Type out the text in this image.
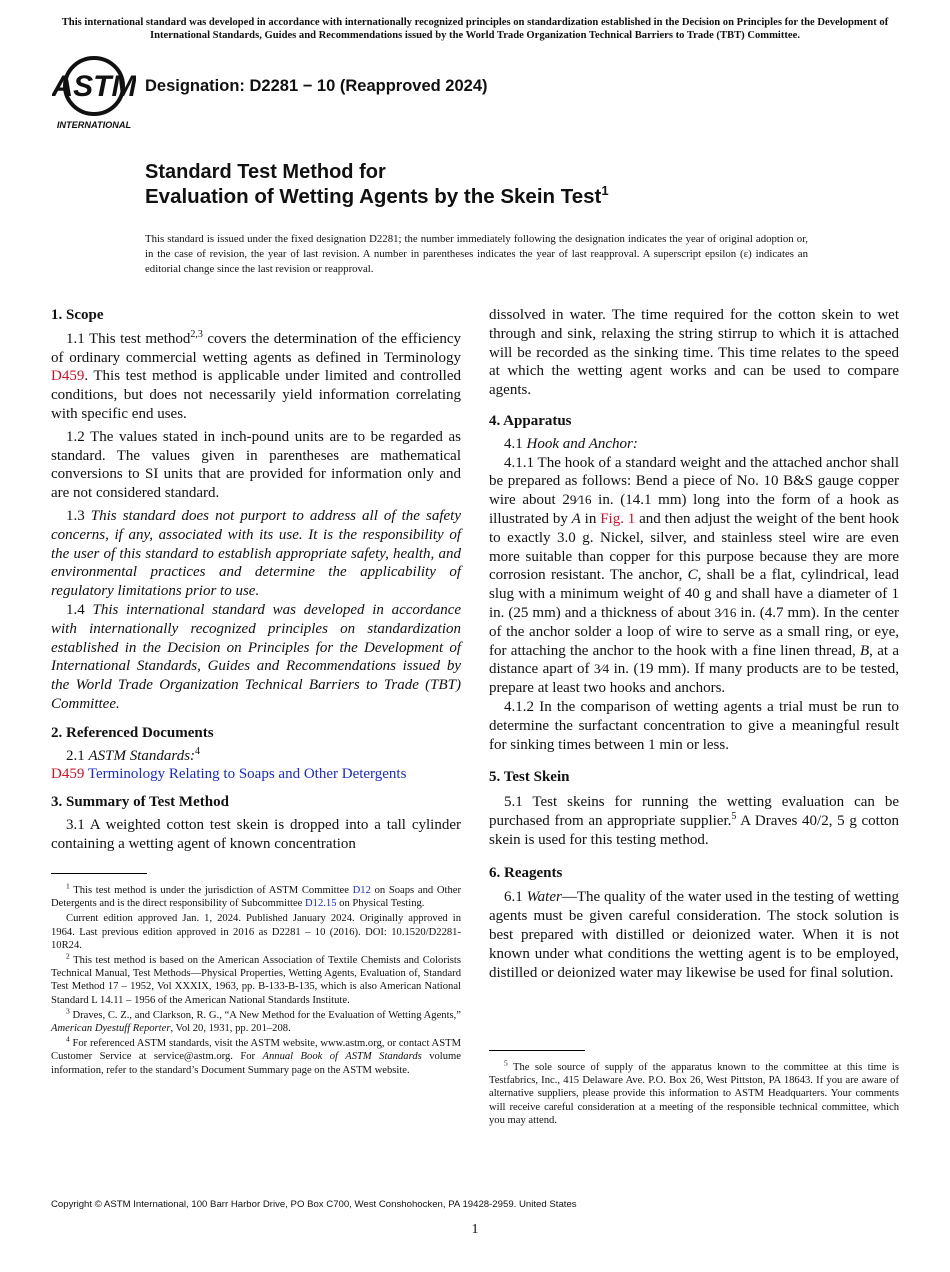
This international standard was developed in accordance with internationally recognized principles on standardization established in the Decision on Principles for the Development of International Standards, Guides and Recommendations issued by the World Trade Organization Technical Barriers to Trade (TBT) Committee.
ASTM
INTERNATIONAL
Designation: D2281 − 10 (Reapproved 2024)
Standard Test Method for
Evaluation of Wetting Agents by the Skein Test$^1$
This standard is issued under the fixed designation D2281; the number immediately following the designation indicates the year of original adoption or, in the case of revision, the year of last revision. A number in parentheses indicates the year of last reapproval. A superscript epsilon (ε) indicates an editorial change since the last revision or reapproval.
1. Scope

1.1 This test method$^{2,3}$ covers the determination of the efficiency of ordinary commercial wetting agents as defined in Terminology D459. This test method is applicable under limited and controlled conditions, but does not necessarily yield information correlating with specific end uses.

1.2 The values stated in inch-pound units are to be regarded as standard. The values given in parentheses are mathematical conversions to SI units that are provided for information only and are not considered standard.

1.3 This standard does not purport to address all of the safety concerns, if any, associated with its use. It is the responsibility of the user of this standard to establish appropriate safety, health, and environmental practices and determine the applicability of regulatory limitations prior to use.

1.4 This international standard was developed in accordance with internationally recognized principles on standardization established in the Decision on Principles for the Development of International Standards, Guides and Recommendations issued by the World Trade Organization Technical Barriers to Trade (TBT) Committee.

2. Referenced Documents

2.1 ASTM Standards:$^4$

D459 Terminology Relating to Soaps and Other Detergents

3. Summary of Test Method

3.1 A weighted cotton test skein is dropped into a tall cylinder containing a wetting agent of known concentration

$^1$ This test method is under the jurisdiction of ASTM Committee D12 on Soaps and Other Detergents and is the direct responsibility of Subcommittee D12.15 on Physical Testing.

Current edition approved Jan. 1, 2024. Published January 2024. Originally approved in 1964. Last previous edition approved in 2016 as D2281 – 10 (2016). DOI: 10.1520/D2281-10R24.

$^2$ This test method is based on the American Association of Textile Chemists and Colorists Technical Manual, Test Methods—Physical Properties, Wetting Agents, Evaluation of, Standard Test Method 17 – 1952, Vol XXXIX, 1963, pp. B-133-B-135, which is also American National Standard L 14.11 – 1956 of the American National Standards Institute.

$^3$ Draves, C. Z., and Clarkson, R. G., “A New Method for the Evaluation of Wetting Agents,” American Dyestuff Reporter, Vol 20, 1931, pp. 201–208.

$^4$ For referenced ASTM standards, visit the ASTM website, www.astm.org, or contact ASTM Customer Service at service@astm.org. For Annual Book of ASTM Standards volume information, refer to the standard’s Document Summary page on the ASTM website.

dissolved in water. The time required for the cotton skein to wet through and sink, relaxing the string stirrup to which it is attached will be recorded as the sinking time. This time relates to the speed at which the wetting agent works and can be used to compare agents.

4. Apparatus

4.1 Hook and Anchor:

4.1.1 The hook of a standard weight and the attached anchor shall be prepared as follows: Bend a piece of No. 10 B&S gauge copper wire about 29⁄16 in. (14.1 mm) long into the form of a hook as illustrated by A in Fig. 1 and then adjust the weight of the bent hook to exactly 3.0 g. Nickel, silver, and stainless steel wire are even more suitable than copper for this purpose because they are more corrosion resistant. The anchor, C, shall be a flat, cylindrical, lead slug with a minimum weight of 40 g and shall have a diameter of 1 in. (25 mm) and a thickness of about 3⁄16 in. (4.7 mm). In the center of the anchor solder a loop of wire to serve as a small ring, or eye, for attaching the anchor to the hook with a fine linen thread, B, at a distance apart of 3⁄4 in. (19 mm). If many products are to be tested, prepare at least two hooks and anchors.

4.1.2 In the comparison of wetting agents a trial must be run to determine the surfactant concentration to give a meaningful result for sinking times between 1 min or less.

5. Test Skein

5.1 Test skeins for running the wetting evaluation can be purchased from an appropriate supplier.$^5$ A Draves 40/2, 5 g cotton skein is used for this testing method.

6. Reagents

6.1 Water—The quality of the water used in the testing of wetting agents must be given careful consideration. The stock solution is best prepared with distilled or deionized water. When it is not known under what conditions the wetting agent is to be employed, distilled or deionized water may likewise be used for final solution.

$^5$ The sole source of supply of the apparatus known to the committee at this time is Testfabrics, Inc., 415 Delaware Ave. P.O. Box 26, West Pittston, PA 18643. If you are aware of alternative suppliers, please provide this information to ASTM Headquarters. Your comments will receive careful consideration at a meeting of the responsible technical committee, which you may attend.

Copyright © ASTM International, 100 Barr Harbor Drive, PO Box C700, West Conshohocken, PA 19428-2959. United States
1
